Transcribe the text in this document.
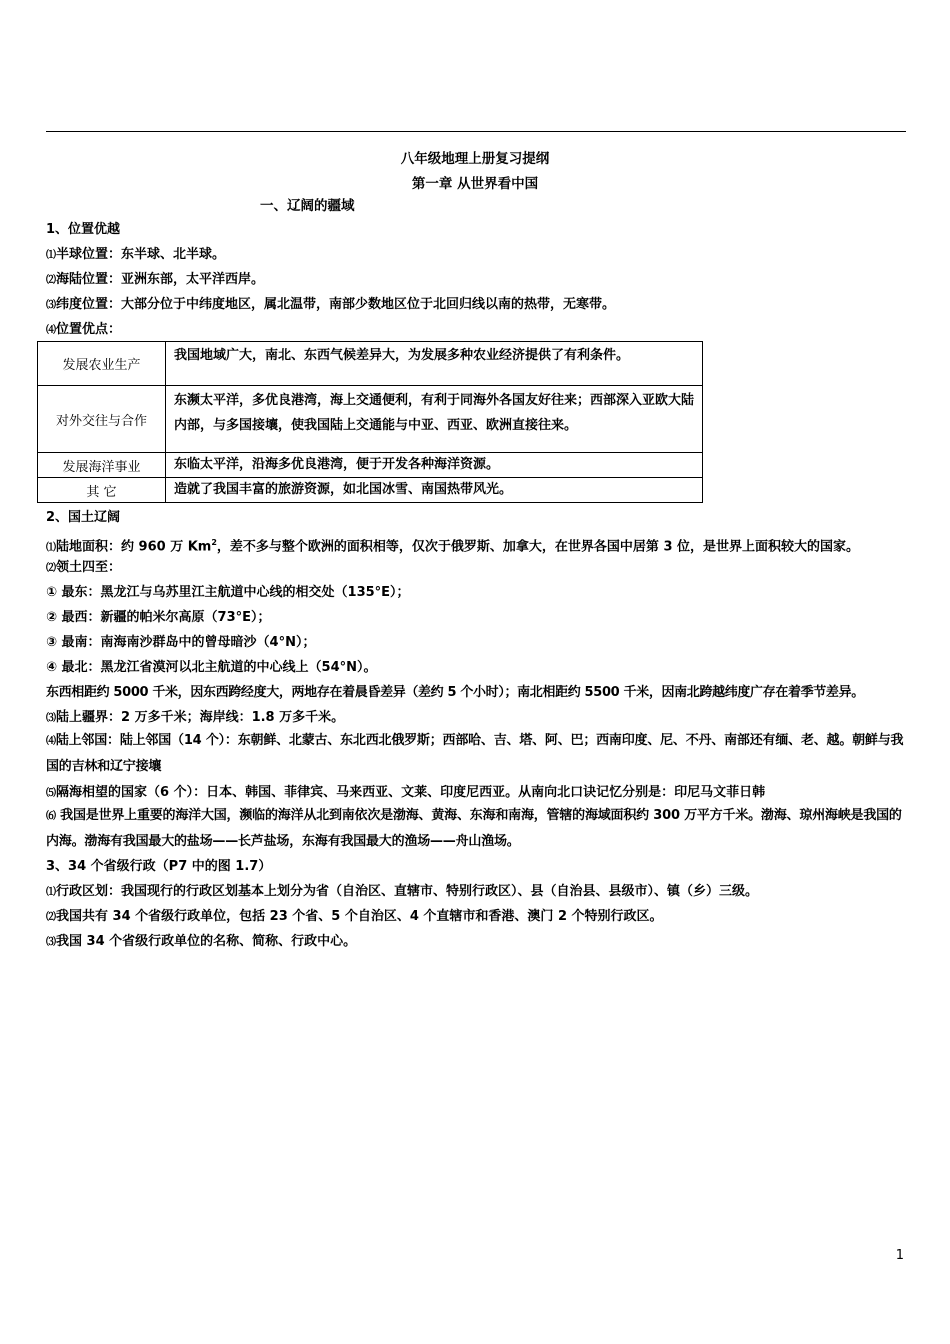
八年级地理上册复习提纲
第一章 从世界看中国
一、辽阔的疆域
1、位置优越
⑴半球位置：东半球、北半球。
⑵海陆位置：亚洲东部，太平洋西岸。
⑶纬度位置：大部分位于中纬度地区，属北温带，南部少数地区位于北回归线以南的热带，无寒带。
⑷位置优点：
发展农业生产	我国地域广大，南北、东西气候差异大，为发展多种农业经济提供了有利条件。
对外交往与合作	东濒太平洋，多优良港湾，海上交通便利，有利于同海外各国友好往来；西部深入亚欧大陆内部，与多国接壤，使我国陆上交通能与中亚、西亚、欧洲直接往来。
发展海洋事业	东临太平洋，沿海多优良港湾，便于开发各种海洋资源。
其 它	造就了我国丰富的旅游资源，如北国冰雪、南国热带风光。
2、国土辽阔
⑴陆地面积：约 960 万 Km$^2$，差不多与整个欧洲的面积相等，仅次于俄罗斯、加拿大，在世界各国中居第 3 位，是世界上面积较大的国家。
⑵领土四至：
① 最东：黑龙江与乌苏里江主航道中心线的相交处（135°E）；
② 最西：新疆的帕米尔高原（73°E）；
③ 最南：南海南沙群岛中的曾母暗沙（4°N）；
④ 最北：黑龙江省漠河以北主航道的中心线上（54°N）。
东西相距约 5000 千米，因东西跨经度大，两地存在着晨昏差异（差约 5 个小时）；南北相距约 5500 千米，因南北跨越纬度广存在着季节差异。
⑶陆上疆界：2 万多千米；海岸线：1.8 万多千米。
⑷陆上邻国：陆上邻国（14 个）：东朝鲜、北蒙古、东北西北俄罗斯；西部哈、吉、塔、阿、巴；西南印度、尼、不丹、南部还有缅、老、越。朝鲜与我国的吉林和辽宁接壤
⑸隔海相望的国家（6 个）：日本、韩国、菲律宾、马来西亚、文莱、印度尼西亚。从南向北口诀记忆分别是：印尼马文菲日韩
⑹ 我国是世界上重要的海洋大国，濒临的海洋从北到南依次是渤海、黄海、东海和南海，管辖的海域面积约 300 万平方千米。渤海、琼州海峡是我国的内海。渤海有我国最大的盐场——长芦盐场，东海有我国最大的渔场——舟山渔场。
3、34 个省级行政（P7 中的图 1.7）
⑴行政区划：我国现行的行政区划基本上划分为省（自治区、直辖市、特别行政区）、县（自治县、县级市）、镇（乡）三级。
⑵我国共有 34 个省级行政单位，包括 23 个省、5 个自治区、4 个直辖市和香港、澳门 2 个特别行政区。
⑶我国 34 个省级行政单位的名称、简称、行政中心。
1
